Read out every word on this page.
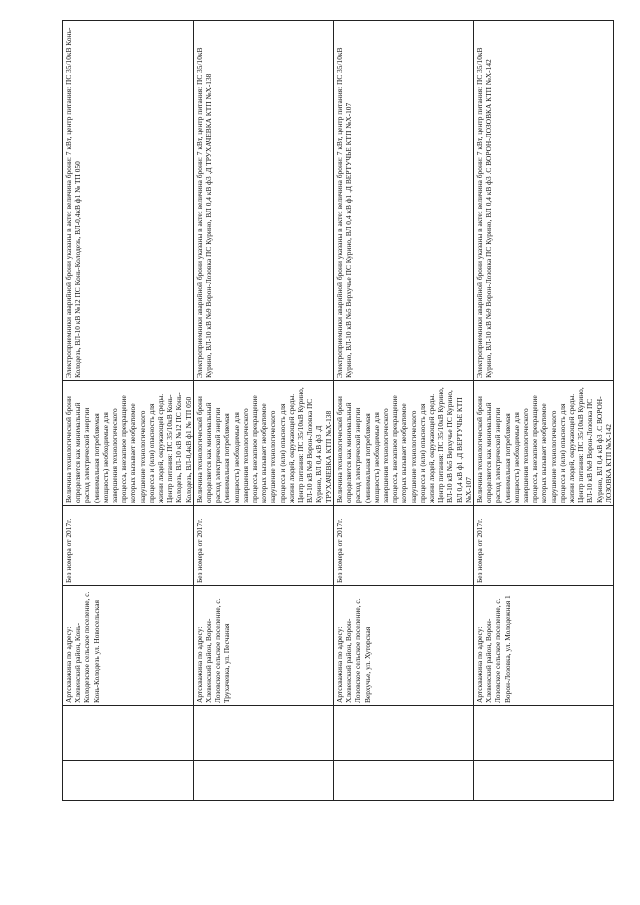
		Артскважина по адресу: Хлевенский район, Конь-Колодезское сельское поселение, с. Конь-Колодезь ул. Новосельская	Без номера от 2017г.	Величина технологической брони определяется как минимальный расход электрической энергии (минимальная потребляемая мощность) необходимые для завершения технологического процесса, внезапное прекращение которых вызывает необратимое нарушение технологического процесса и (или) опасность для жизни людей, окружающей среды. Центр питания: ПС 35/10кВ Конь-Колодезь, ВЛ-10 кВ №12 ПС Конь-Колодезь, ВЛ-0,4кВ ф1 № ТП 050	Электроприемники аварийной брони указаны в акте: величина брони: 7 кВт, центр питания: ПС 35/10кВ Конь-Колодезь, ВЛ-10 кВ №12 ПС Конь-Колодезь, ВЛ-0,4кВ ф1 № ТП 050
		Артскважина по адресу: Хлевенский район, Ворон-Лозовское сельское поселение, с. Трухачевка, ул. Песчаная	Без номера от 2017г.	Величина технологической брони определяется как минимальный расход электрической энергии (минимальная потребляемая мощность) необходимые для завершения технологического процесса, внезапное прекращение которых вызывает необратимое нарушение технологического процесса и (или) опасность для жизни людей, окружающей среды. Центр питания: ПС 35/10кВ Курино, ВЛ-10 кВ №9 Ворон-Лозовка ПС Курино, ВЛ 0,4 кВ ф3 .Д ТРУХАЧЕВКА КТП №Х-138	Электроприемники аварийной брони указаны в акте: величина брони: 7 кВт, центр питания: ПС 35/10кВ Курино, ВЛ-10 кВ №9 Ворон-Лозовка ПС Курино, ВЛ 0,4 кВ ф3 .Д ТРУХАЧЕВКА КТП №Х-138
		Артскважина по адресу: Хлевенский район, Ворон-Лозовское сельское поселение, с. Верхучье, ул. Хуторская	Без номера от 2017г.	Величина технологической брони определяется как минимальный расход электрической энергии (минимальная потребляемая мощность) необходимые для завершения технологического процесса, внезапное прекращение которых вызывает необратимое нарушение технологического процесса и (или) опасность для жизни людей, окружающей среды. Центр питания: ПС 35/10кВ Курино, ВЛ-10 кВ №5 Верхучье ПС Курино, ВЛ 0,4 кВ ф1 .Д ВЕРТУЧЬЕ КТП №Х-107	Электроприемники аварийной брони указаны в акте: величина брони: 7 кВт, центр питания: ПС 35/10кВ Курино, ВЛ-10 кВ №5 Верхучье ПС Курино, ВЛ 0,4 кВ ф1 .Д ВЕРТУЧЬЕ КТП №Х-107
		Артскважина по адресу: Хлевенский район, Ворон-Лозовское сельское поселение, с. Ворон-Лозовка, ул. Молодежная 1	Без номера от 2017г.	Величина технологической брони определяется как минимальный расход электрической энергии (минимальная потребляемая мощность) необходимые для завершения технологического процесса, внезапное прекращение которых вызывает необратимое нарушение технологического процесса и (или) опасность для жизни людей, окружающей среды. Центр питания: ПС 35/10кВ Курино, ВЛ-10 кВ №9 Ворон-Лозовка ПС Курино, ВЛ 0,4 кВ ф3 .С ВОРОН-ЛОЗОВКА КТП №Х-142	Электроприемники аварийной брони указаны в акте: величина брони: 7 кВт, центр питания: ПС 35/10кВ Курино, ВЛ-10 кВ №9 Ворон-Лозовка ПС Курино, ВЛ 0,4 кВ ф3 .С ВОРОН-ЛОЗОВКА КТП №Х-142
